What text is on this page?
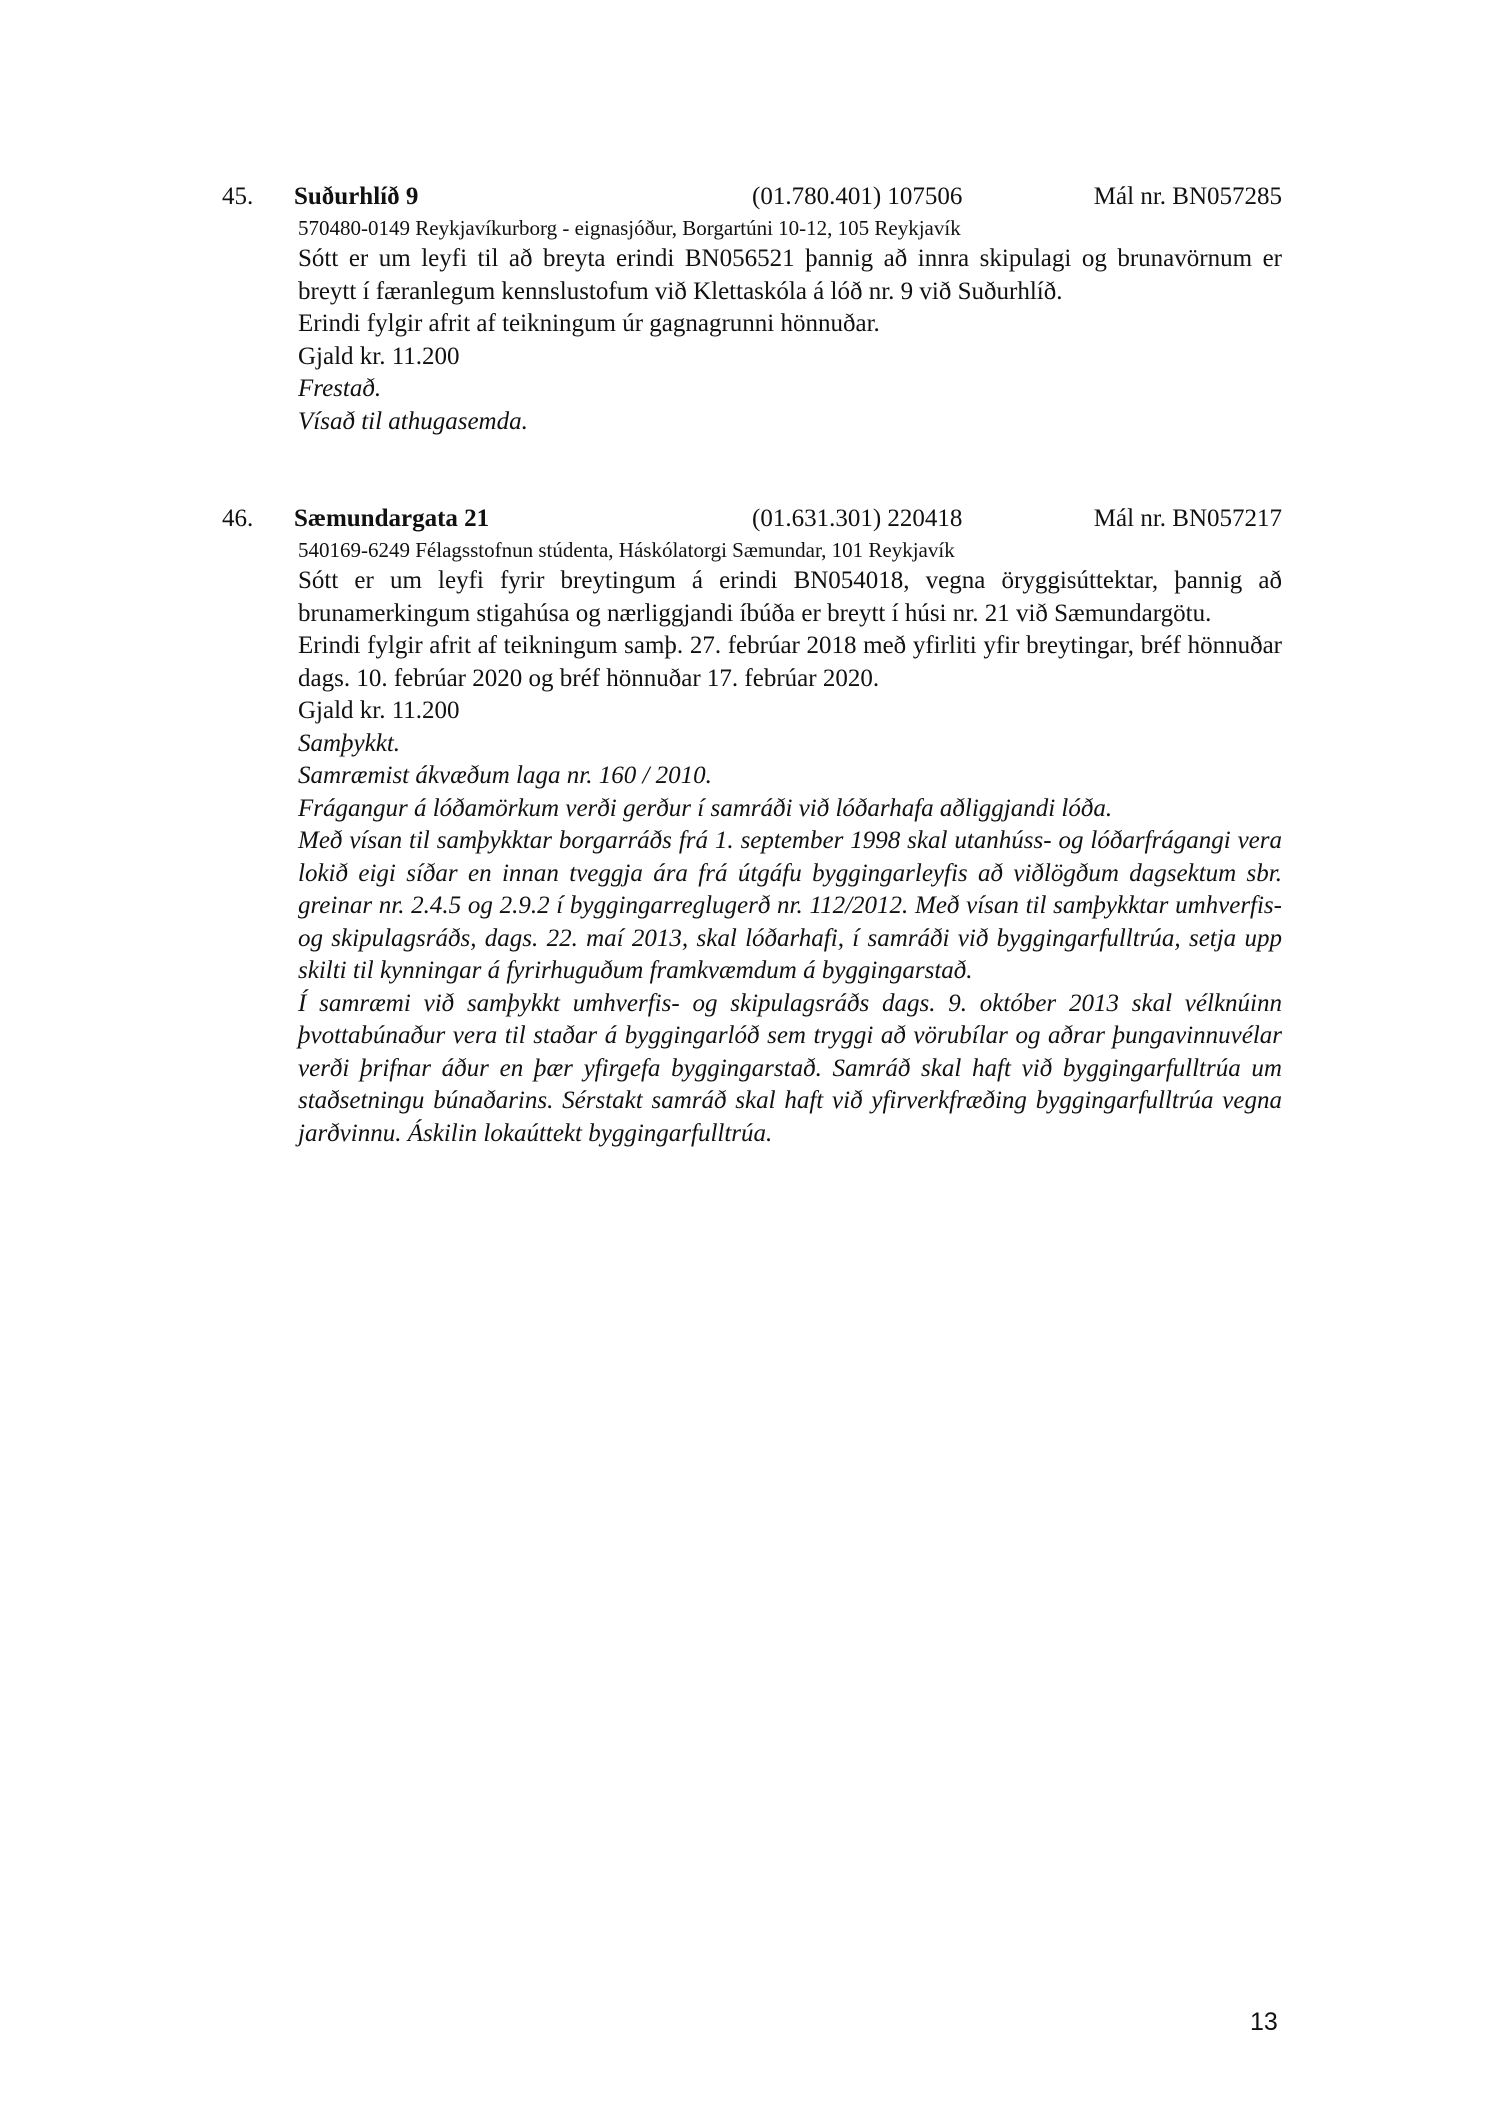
45. Suðurhlíð 9	(01.780.401) 107506	Mál nr. BN057285
570480-0149 Reykjavíkurborg - eignasjóður, Borgartúni 10-12, 105 Reykjavík
Sótt er um leyfi til að breyta erindi BN056521 þannig að innra skipulagi og brunavörnum er breytt í færanlegum kennslustofum við Klettaskóla á lóð nr. 9 við Suðurhlíð.
Erindi fylgir afrit af teikningum úr gagnagrunni hönnuðar.
Gjald kr. 11.200
Frestað.
Vísað til athugasemda.
46. Sæmundargata 21	(01.631.301) 220418	Mál nr. BN057217
540169-6249 Félagsstofnun stúdenta, Háskólatorgi Sæmundar, 101 Reykjavík
Sótt er um leyfi fyrir breytingum á erindi BN054018, vegna öryggisúttektar, þannig að brunamerkingum stigahúsa og nærliggjandi íbúða er breytt í húsi nr. 21 við Sæmundargötu.
Erindi fylgir afrit af teikningum samþ. 27. febrúar 2018 með yfirliti yfir breytingar, bréf hönnuðar dags. 10. febrúar 2020 og bréf hönnuðar 17. febrúar 2020.
Gjald kr. 11.200
Samþykkt.
Samræmist ákvæðum laga nr. 160 / 2010.
Frágangur á lóðamörkum verði gerður í samráði við lóðarhafa aðliggjandi lóða.
Með vísan til samþykktar borgarráðs frá 1. september 1998 skal utanhúss- og lóðarfrágangi vera lokið eigi síðar en innan tveggja ára frá útgáfu byggingarleyfis að viðlögðum dagsektum sbr. greinar nr. 2.4.5 og 2.9.2 í byggingarreglugerð nr. 112/2012. Með vísan til samþykktar umhverfis- og skipulagsráðs, dags. 22. maí 2013, skal lóðarhafi, í samráði við byggingarfulltrúa, setja upp skilti til kynningar á fyrirhuguðum framkvæmdum á byggingarstað.
Í samræmi við samþykkt umhverfis- og skipulagsráðs dags. 9. október 2013 skal vélknúinn þvottabúnaður vera til staðar á byggingarlóð sem tryggi að vörubílar og aðrar þungavinnuvélar verði þrifnar áður en þær yfirgefa byggingarstað. Samráð skal haft við byggingarfulltrúa um staðsetningu búnaðarins. Sérstakt samráð skal haft við yfirverkfræðing byggingarfulltrúa vegna jarðvinnu. Áskilin lokaúttekt byggingarfulltrúa.
13
